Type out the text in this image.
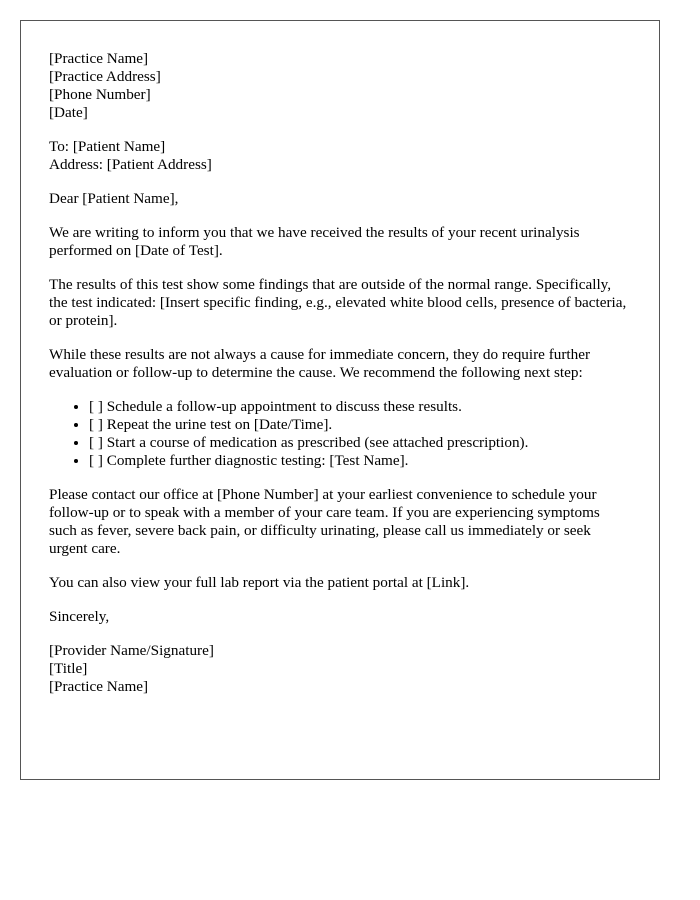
[Practice Name]
[Practice Address]
[Phone Number]
[Date]
To: [Patient Name]
Address: [Patient Address]

Dear [Patient Name],

We are writing to inform you that we have received the results of your recent urinalysis performed on [Date of Test].

The results of this test show some findings that are outside of the normal range. Specifically, the test indicated: [Insert specific finding, e.g., elevated white blood cells, presence of bacteria, or protein].

While these results are not always a cause for immediate concern, they do require further evaluation or follow-up to determine the cause. We recommend the following next step:

• [ ] Schedule a follow-up appointment to discuss these results.
• [ ] Repeat the urine test on [Date/Time].
• [ ] Start a course of medication as prescribed (see attached prescription).
• [ ] Complete further diagnostic testing: [Test Name].

Please contact our office at [Phone Number] at your earliest convenience to schedule your follow-up or to speak with a member of your care team. If you are experiencing symptoms such as fever, severe back pain, or difficulty urinating, please call us immediately or seek urgent care.

You can also view your full lab report via the patient portal at [Link].

Sincerely,

[Provider Name/Signature]
[Title]
[Practice Name]
